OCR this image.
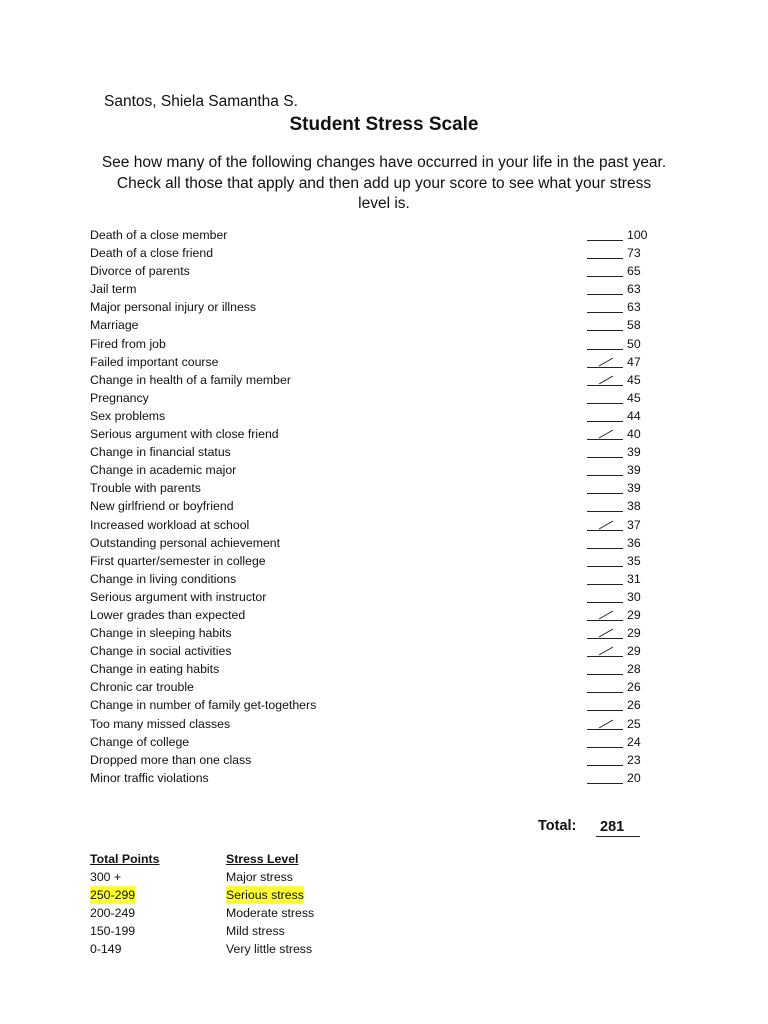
Santos, Shiela Samantha S.
Student Stress Scale
See how many of the following changes have occurred in your life in the past year. Check all those that apply and then add up your score to see what your stress level is.
Death of a close member	100
Death of a close friend	73
Divorce of parents	65
Jail term	63
Major personal injury or illness	63
Marriage	58
Fired from job	50
Failed important course	47
Change in health of a family member	45
Pregnancy	45
Sex problems	44
Serious argument with close friend	40
Change in financial status	39
Change in academic major	39
Trouble with parents	39
New girlfriend or boyfriend	38
Increased workload at school	37
Outstanding personal achievement	36
First quarter/semester in college	35
Change in living conditions	31
Serious argument with instructor	30
Lower grades than expected	29
Change in sleeping habits	29
Change in social activities	29
Change in eating habits	28
Chronic car trouble	26
Change in number of family get-togethers	26
Too many missed classes	25
Change of college	24
Dropped more than one class	23
Minor traffic violations	20
Total: 281
Total Points	Stress Level
300 +	Major stress
250-299	Serious stress
200-249	Moderate stress
150-199	Mild stress
0-149	Very little stress
